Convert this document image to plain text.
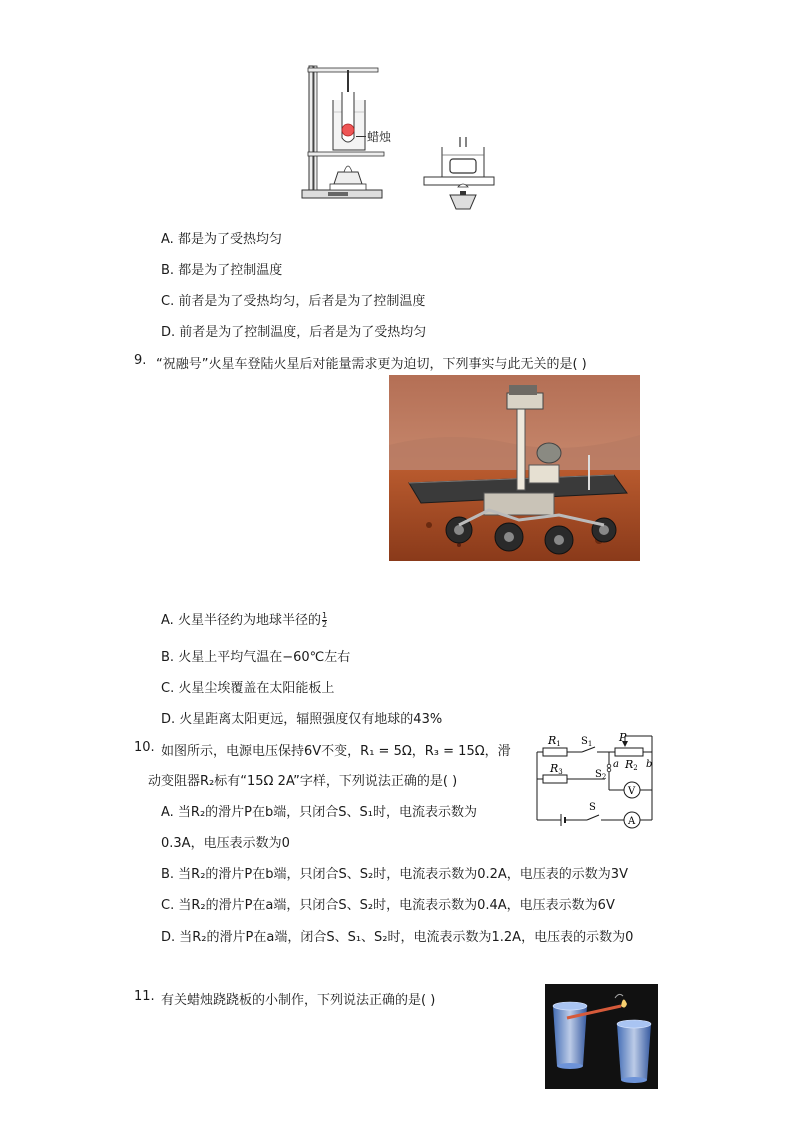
蜡烛
A. 都是为了受热均匀
B. 都是为了控制温度
C. 前者是为了受热均匀，后者是为了控制温度
D. 前者是为了控制温度，后者是为了受热均匀
9. “祝融号”火星车登陆火星后对能量需求更为迫切，下列事实与此无关的是( )
A. 火星半径约为地球半径的 $\frac{1}{2}$
B. 火星上平均气温在−60℃左右
C. 火星尘埃覆盖在太阳能板上
D. 火星距离太阳更远，辐照强度仅有地球的43%
10. 如图所示，电源电压保持6V不变，R₁ = 5Ω，R₃ = 15Ω，滑
动变阻器R₂标有“15Ω 2A”字样，下列说法正确的是( )
A. 当R₂的滑片P在b端，只闭合S、S₁时，电流表示数为
0.3A，电压表示数为0
B. 当R₂的滑片P在b端，只闭合S、S₂时，电流表示数为0.2A，电压表的示数为3V
C. 当R₂的滑片P在a端，只闭合S、S₂时，电流表示数为0.4A，电压表示数为6V
D. 当R₂的滑片P在a端，闭合S、S₁、S₂时，电流表示数为1.2A，电压表的示数为0
R1 $S_1$ P
a R2 b
R3	$S_2$
S
V
A
11. 有关蜡烛跷跷板的小制作，下列说法正确的是( )
